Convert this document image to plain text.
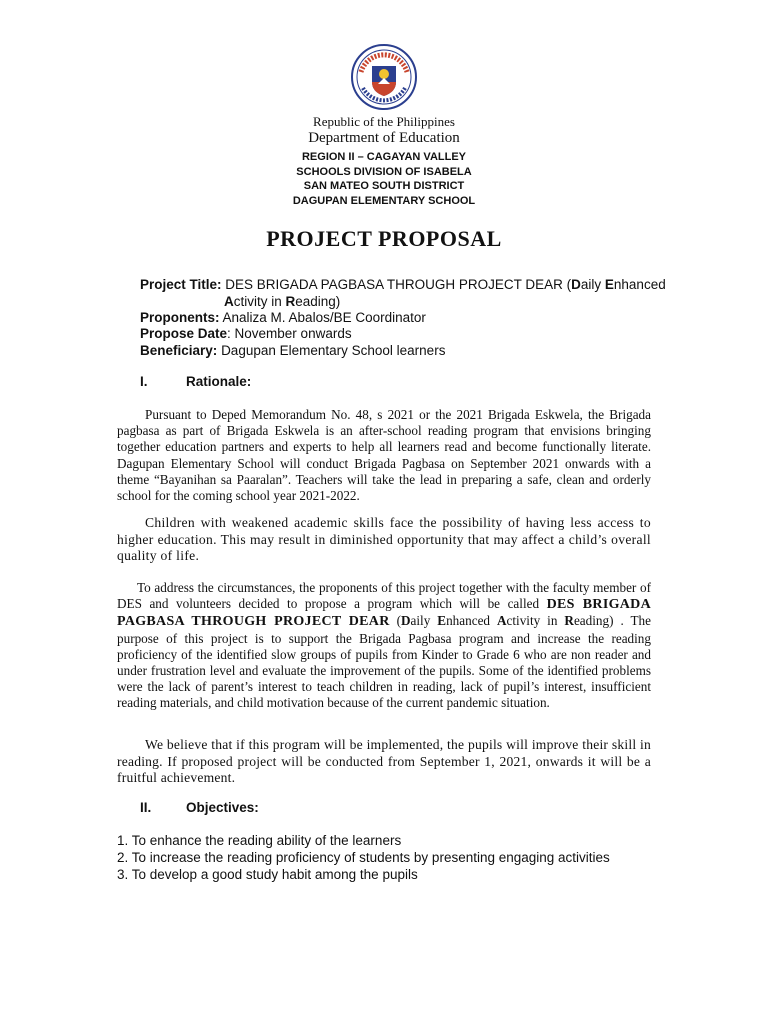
Republic of the Philippines
Department of Education
REGION II – CAGAYAN VALLEY
SCHOOLS DIVISION OF ISABELA
SAN MATEO SOUTH DISTRICT
DAGUPAN ELEMENTARY SCHOOL
PROJECT PROPOSAL
Project Title: DES BRIGADA PAGBASA THROUGH PROJECT DEAR (Daily Enhanced
Activity in Reading)
Proponents: Analiza M. Abalos/BE Coordinator
Propose Date: November onwards
Beneficiary: Dagupan Elementary School learners
I.	Rationale:
Pursuant to Deped Memorandum No. 48, s 2021 or the 2021 Brigada Eskwela, the Brigada pagbasa as part of Brigada Eskwela is an after-school reading program that envisions bringing together education partners and experts to help all learners read and become functionally literate. Dagupan Elementary School will conduct Brigada Pagbasa on September 2021 onwards with a theme “Bayanihan sa Paaralan”. Teachers will take the lead in preparing a safe, clean and orderly school for the coming school year 2021-2022.
Children with weakened academic skills face the possibility of having less access to higher education. This may result in diminished opportunity that may affect a child’s overall quality of life.
To address the circumstances, the proponents of this project together with the faculty member of DES and volunteers decided to propose a program which will be called DES BRIGADA PAGBASA THROUGH PROJECT DEAR (Daily Enhanced Activity in Reading) . The purpose of this project is to support the Brigada Pagbasa program and increase the reading proficiency of the identified slow groups of pupils from Kinder to Grade 6 who are non reader and under frustration level and evaluate the improvement of the pupils. Some of the identified problems were the lack of parent’s interest to teach children in reading, lack of pupil’s interest, insufficient reading materials, and child motivation because of the current pandemic situation.
We believe that if this program will be implemented, the pupils will improve their skill in reading. If proposed project will be conducted from September 1, 2021, onwards it will be a fruitful achievement.
II.	Objectives:
1. To enhance the reading ability of the learners
2. To increase the reading proficiency of students by presenting engaging activities
3. To develop a good study habit among the pupils
